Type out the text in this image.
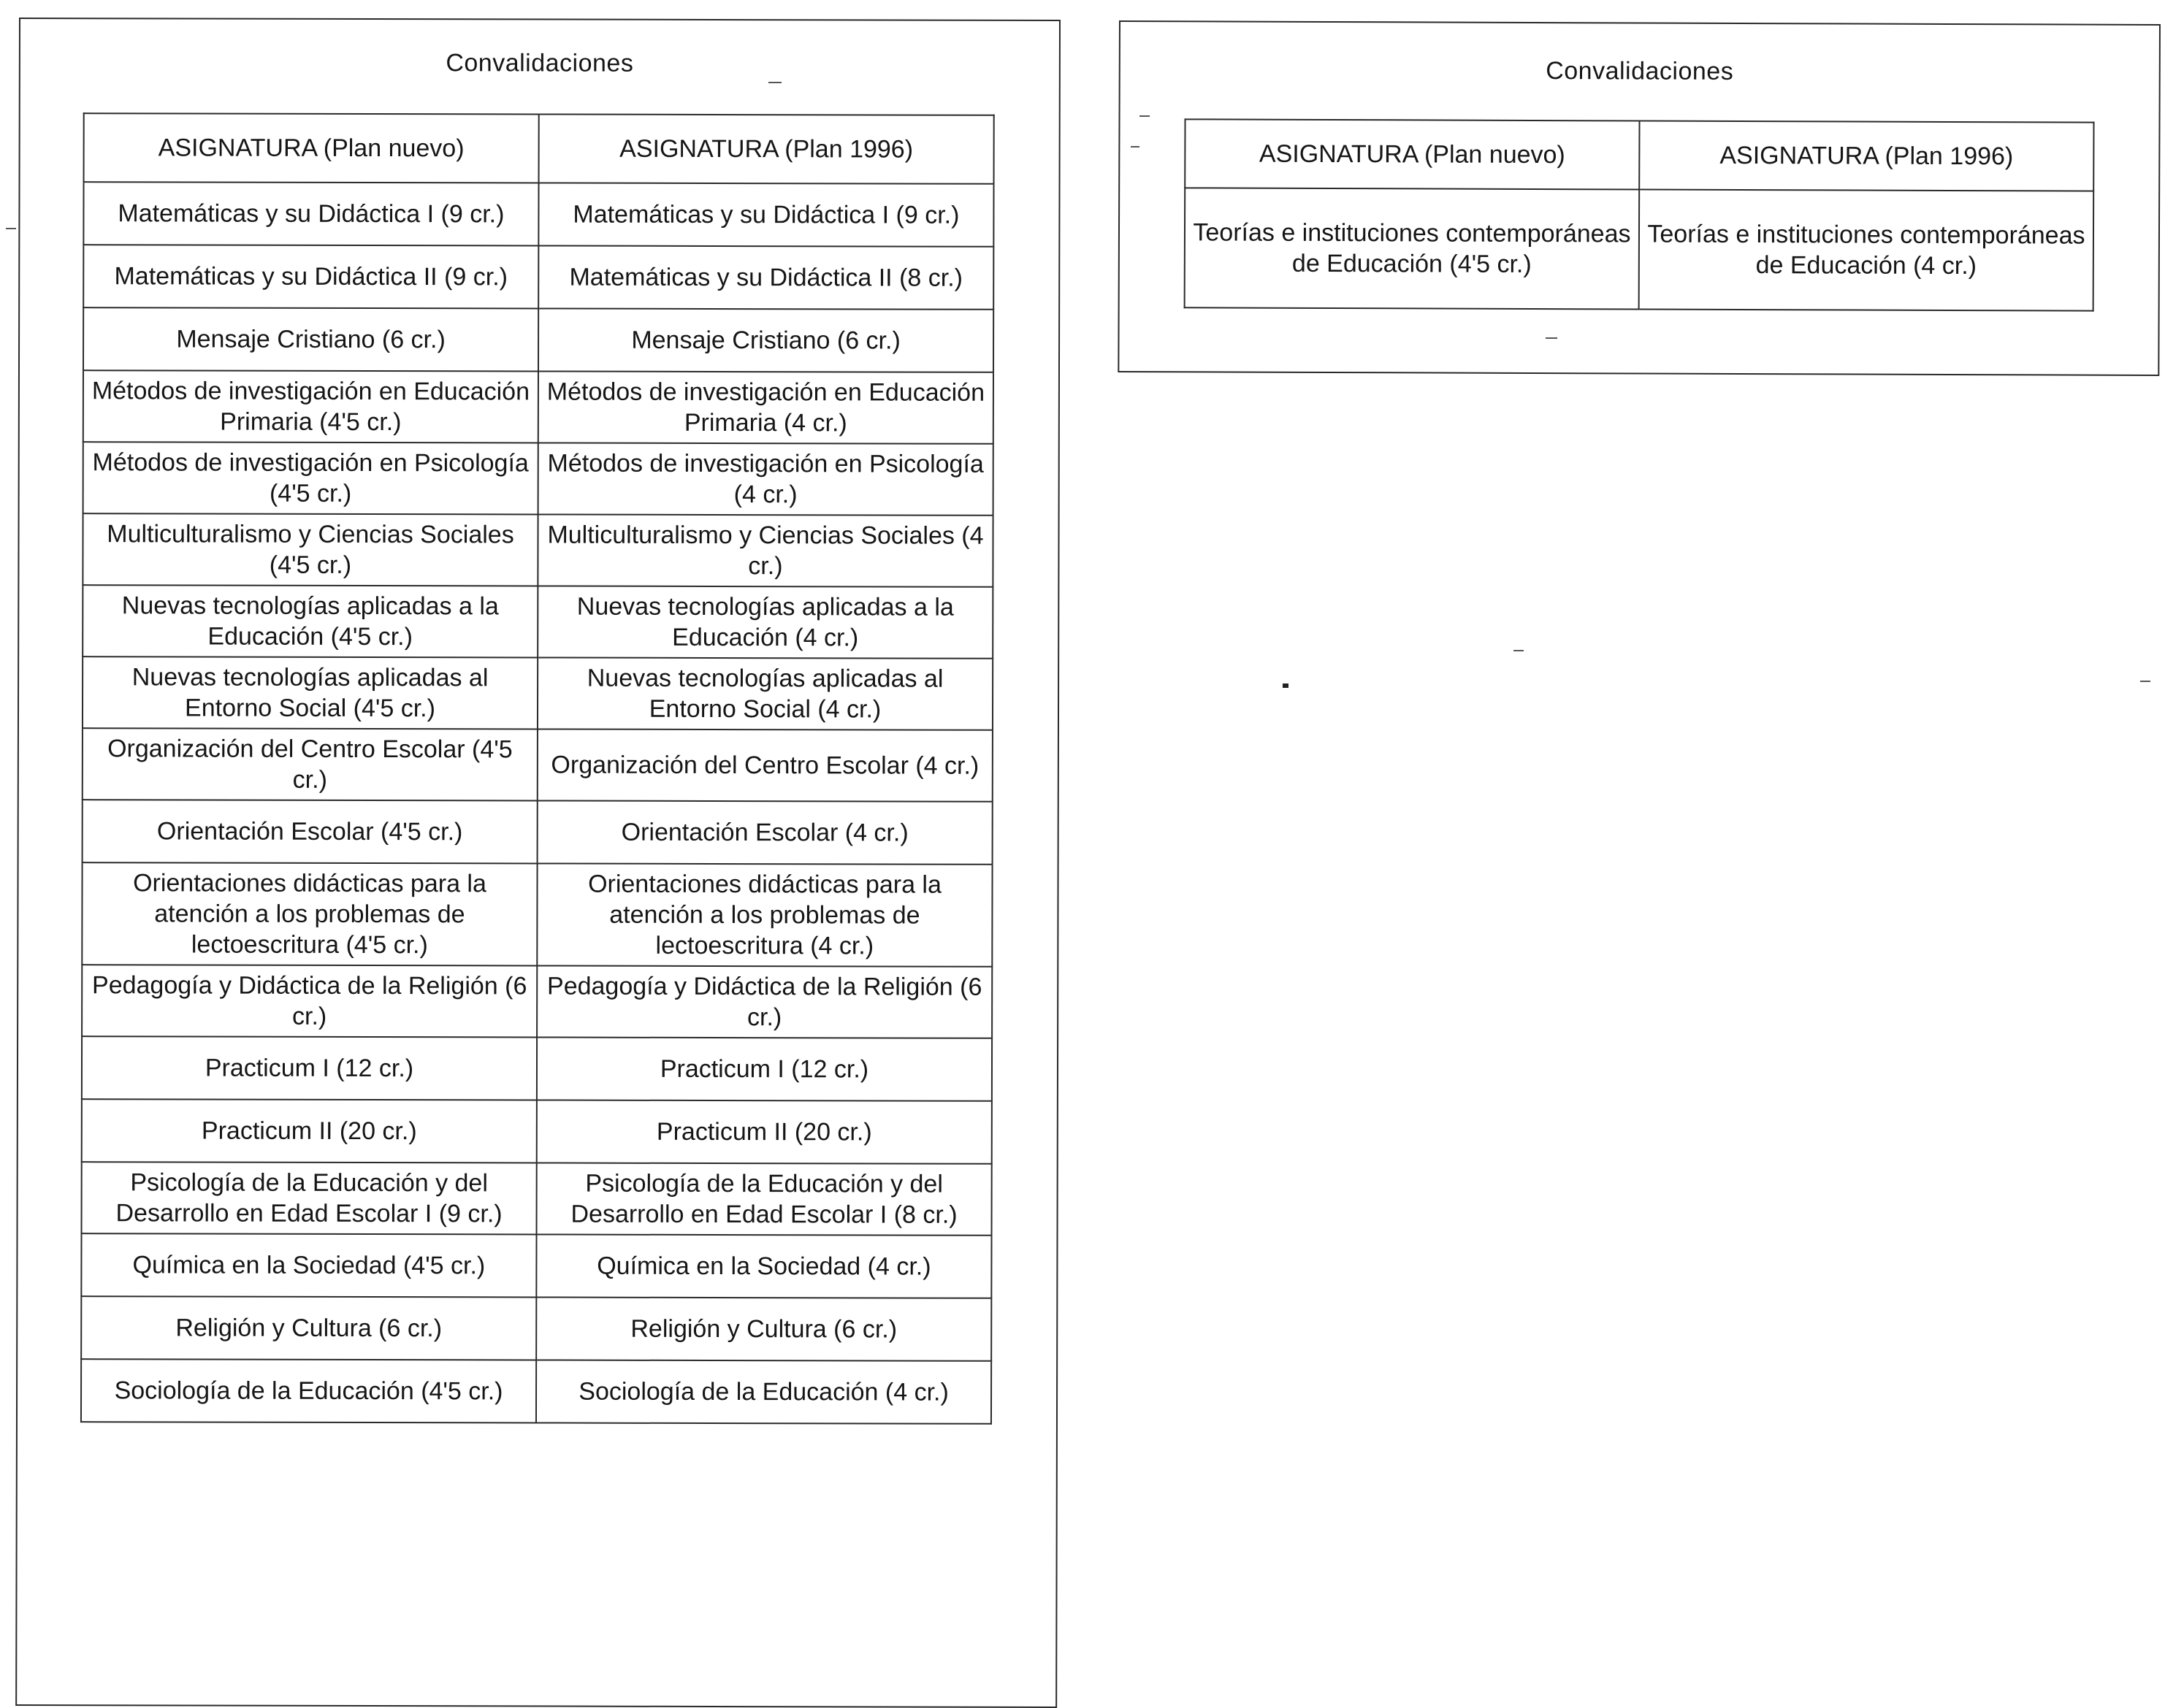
Convalidaciones
ASIGNATURA (Plan nuevo)	ASIGNATURA (Plan 1996)
Matemáticas y su Didáctica I (9 cr.)	Matemáticas y su Didáctica I (9 cr.)
Matemáticas y su Didáctica II (9 cr.)	Matemáticas y su Didáctica II (8 cr.)
Mensaje Cristiano (6 cr.)	Mensaje Cristiano (6 cr.)
Métodos de investigación en Educación Primaria (4'5 cr.)	Métodos de investigación en Educación Primaria (4 cr.)
Métodos de investigación en Psicología (4'5 cr.)	Métodos de investigación en Psicología (4 cr.)
Multiculturalismo y Ciencias Sociales (4'5 cr.)	Multiculturalismo y Ciencias Sociales (4 cr.)
Nuevas tecnologías aplicadas a la Educación (4'5 cr.)	Nuevas tecnologías aplicadas a la Educación (4 cr.)
Nuevas tecnologías aplicadas al Entorno Social (4'5 cr.)	Nuevas tecnologías aplicadas al Entorno Social (4 cr.)
Organización del Centro Escolar (4'5 cr.)	Organización del Centro Escolar (4 cr.)
Orientación Escolar (4'5 cr.)	Orientación Escolar (4 cr.)
Orientaciones didácticas para la atención a los problemas de lectoescritura (4'5 cr.)	Orientaciones didácticas para la atención a los problemas de lectoescritura (4 cr.)
Pedagogía y Didáctica de la Religión (6 cr.)	Pedagogía y Didáctica de la Religión (6 cr.)
Practicum I (12 cr.)	Practicum I (12 cr.)
Practicum II (20 cr.)	Practicum II (20 cr.)
Psicología de la Educación y del Desarrollo en Edad Escolar I (9 cr.)	Psicología de la Educación y del Desarrollo en Edad Escolar I (8 cr.)
Química en la Sociedad (4'5 cr.)	Química en la Sociedad (4 cr.)
Religión y Cultura (6 cr.)	Religión y Cultura (6 cr.)
Sociología de la Educación (4'5 cr.)	Sociología de la Educación (4 cr.)
Convalidaciones
ASIGNATURA (Plan nuevo)	ASIGNATURA (Plan 1996)
Teorías e instituciones contemporáneas de Educación (4'5 cr.)	Teorías e instituciones contemporáneas de Educación (4 cr.)
